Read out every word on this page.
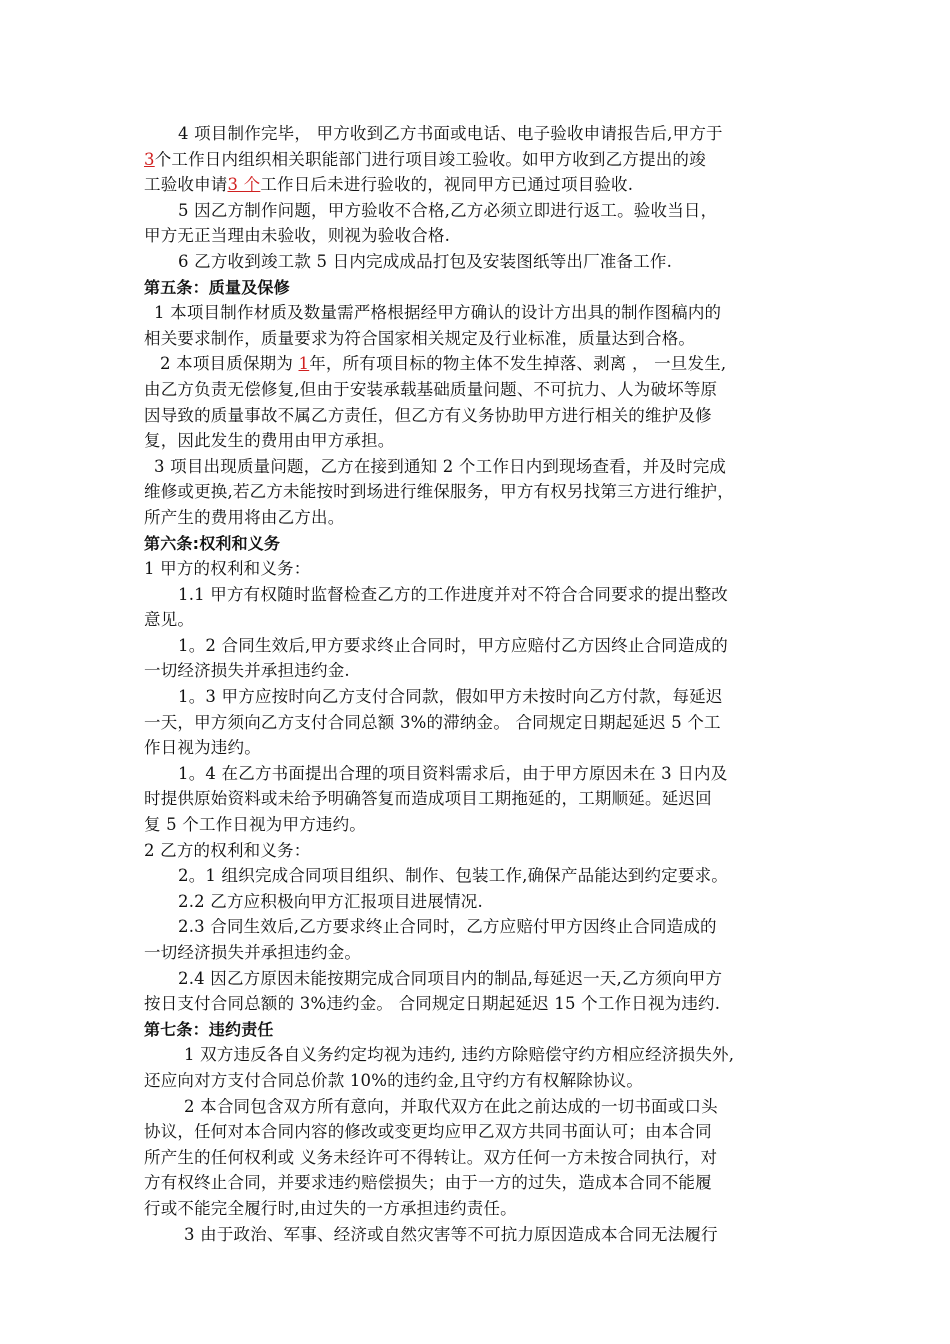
4 项目制作完毕， 甲方收到乙方书面或电话、电子验收申请报告后,甲方于
3个工作日内组织相关职能部门进行项目竣工验收。如甲方收到乙方提出的竣
工验收申请3 个工作日后未进行验收的，视同甲方已通过项目验收.
5 因乙方制作问题，甲方验收不合格,乙方必须立即进行返工。验收当日，
甲方无正当理由未验收，则视为验收合格.
6 乙方收到竣工款 5 日内完成成品打包及安装图纸等出厂准备工作.
第五条：质量及保修
1 本项目制作材质及数量需严格根据经甲方确认的设计方出具的制作图稿内的
相关要求制作，质量要求为符合国家相关规定及行业标准，质量达到合格。
2 本项目质保期为 1年，所有项目标的物主体不发生掉落、剥离 ， 一旦发生,
由乙方负责无偿修复,但由于安装承载基础质量问题、不可抗力、人为破坏等原
因导致的质量事故不属乙方责任，但乙方有义务协助甲方进行相关的维护及修
复，因此发生的费用由甲方承担。
3 项目出现质量问题，乙方在接到通知 2 个工作日内到现场查看，并及时完成
维修或更换,若乙方未能按时到场进行维保服务，甲方有权另找第三方进行维护，
所产生的费用将由乙方出。
第六条:权利和义务
1 甲方的权利和义务：
1.1 甲方有权随时监督检查乙方的工作进度并对不符合合同要求的提出整改
意见。
1。2 合同生效后,甲方要求终止合同时，甲方应赔付乙方因终止合同造成的
一切经济损失并承担违约金.
1。3 甲方应按时向乙方支付合同款，假如甲方未按时向乙方付款，每延迟
一天，甲方须向乙方支付合同总额 3%的滞纳金。 合同规定日期起延迟 5 个工
作日视为违约。
1。4 在乙方书面提出合理的项目资料需求后，由于甲方原因未在 3 日内及
时提供原始资料或未给予明确答复而造成项目工期拖延的，工期顺延。延迟回
复 5 个工作日视为甲方违约。
2 乙方的权利和义务：
2。1 组织完成合同项目组织、制作、包装工作,确保产品能达到约定要求。
2.2 乙方应积极向甲方汇报项目进展情况.
2.3 合同生效后,乙方要求终止合同时，乙方应赔付甲方因终止合同造成的
一切经济损失并承担违约金。
2.4 因乙方原因未能按期完成合同项目内的制品,每延迟一天,乙方须向甲方
按日支付合同总额的 3%违约金。 合同规定日期起延迟 15 个工作日视为违约.
第七条：违约责任
1 双方违反各自义务约定均视为违约, 违约方除赔偿守约方相应经济损失外,
还应向对方支付合同总价款 10%的违约金,且守约方有权解除协议。
2 本合同包含双方所有意向，并取代双方在此之前达成的一切书面或口头
协议，任何对本合同内容的修改或变更均应甲乙双方共同书面认可；由本合同
所产生的任何权利或 义务未经许可不得转让。双方任何一方未按合同执行，对
方有权终止合同，并要求违约赔偿损失；由于一方的过失，造成本合同不能履
行或不能完全履行时,由过失的一方承担违约责任。
3 由于政治、军事、经济或自然灾害等不可抗力原因造成本合同无法履行
